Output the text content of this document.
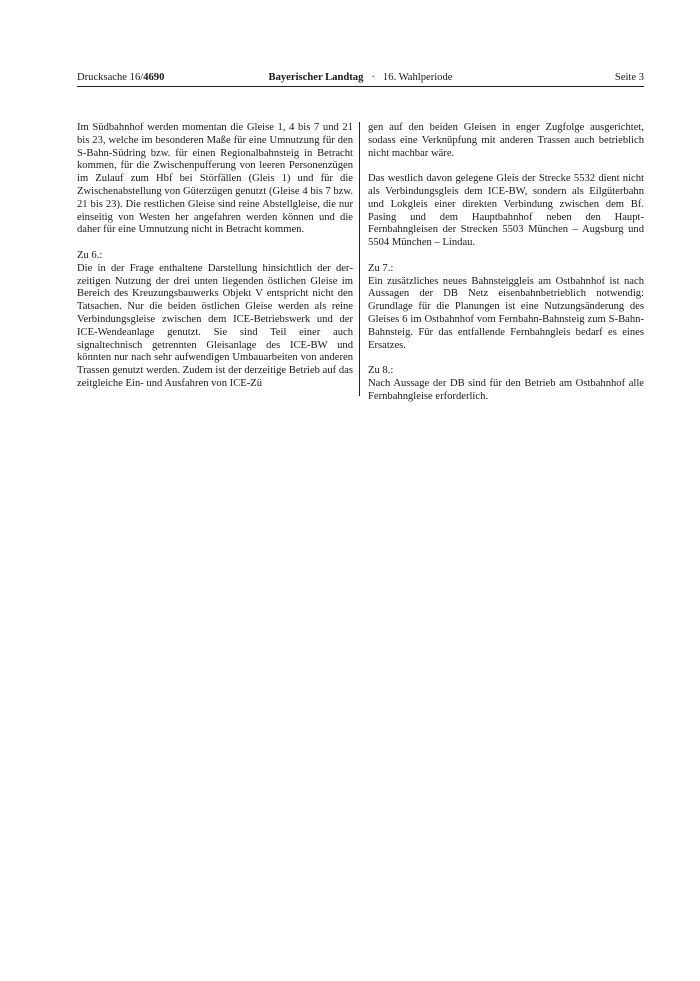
Drucksache 16/4690	Bayerischer Landtag · 16. Wahlperiode	Seite 3

Im Südbahnhof werden momentan die Gleise 1, 4 bis 7 und 21 bis 23, welche im besonderen Maße für eine Umnutzung für den S-Bahn-Südring bzw. für einen Regionalbahnsteig in Betracht kommen, für die Zwischenpufferung von leeren Personenzügen im Zulauf zum Hbf bei Störfällen (Gleis 1) und für die Zwischenabstellung von Güterzügen genutzt (Gleise 4 bis 7 bzw. 21 bis 23). Die restlichen Gleise sind reine Abstellgleise, die nur einseitig von Westen her angefahren werden können und die daher für eine Umnutzung nicht in Betracht kommen.

Zu 6.:

Die in der Frage enthaltene Darstellung hinsichtlich der derzeitigen Nutzung der drei unten liegenden östlichen Gleise im Bereich des Kreuzungsbauwerks Objekt V entspricht nicht den Tatsachen. Nur die beiden östlichen Gleise werden als reine Verbindungsgleise zwischen dem ICE-Betriebswerk und der ICE-Wendeanlage genutzt. Sie sind Teil einer auch signaltechnisch getrennten Gleisanlage des ICE-BW und könnten nur nach sehr aufwendigen Umbauarbeiten von anderen Trassen genutzt werden. Zudem ist der derzeitige Betrieb auf das zeitgleiche Ein- und Ausfahren von ICE-Zü

gen auf den beiden Gleisen in enger Zugfolge ausgerichtet, sodass eine Verknüpfung mit anderen Trassen auch betrieblich nicht machbar wäre.

Das westlich davon gelegene Gleis der Strecke 5532 dient nicht als Verbindungsgleis dem ICE-BW, sondern als Eilgüterbahn und Lokgleis einer direkten Verbindung zwischen dem Bf. Pasing und dem Hauptbahnhof neben den Haupt-Fernbahngleisen der Strecken 5503 München – Augsburg und 5504 München – Lindau.

Zu 7.:

Ein zusätzliches neues Bahnsteiggleis am Ostbahnhof ist nach Aussagen der DB Netz eisenbahnbetrieblich notwendig: Grundlage für die Planungen ist eine Nutzungsänderung des Gleises 6 im Ostbahnhof vom Fernbahn-Bahnsteig zum S-Bahn-Bahnsteig. Für das entfallende Fernbahngleis bedarf es eines Ersatzes.

Zu 8.:

Nach Aussage der DB sind für den Betrieb am Ostbahnhof alle Fernbahngleise erforderlich.
